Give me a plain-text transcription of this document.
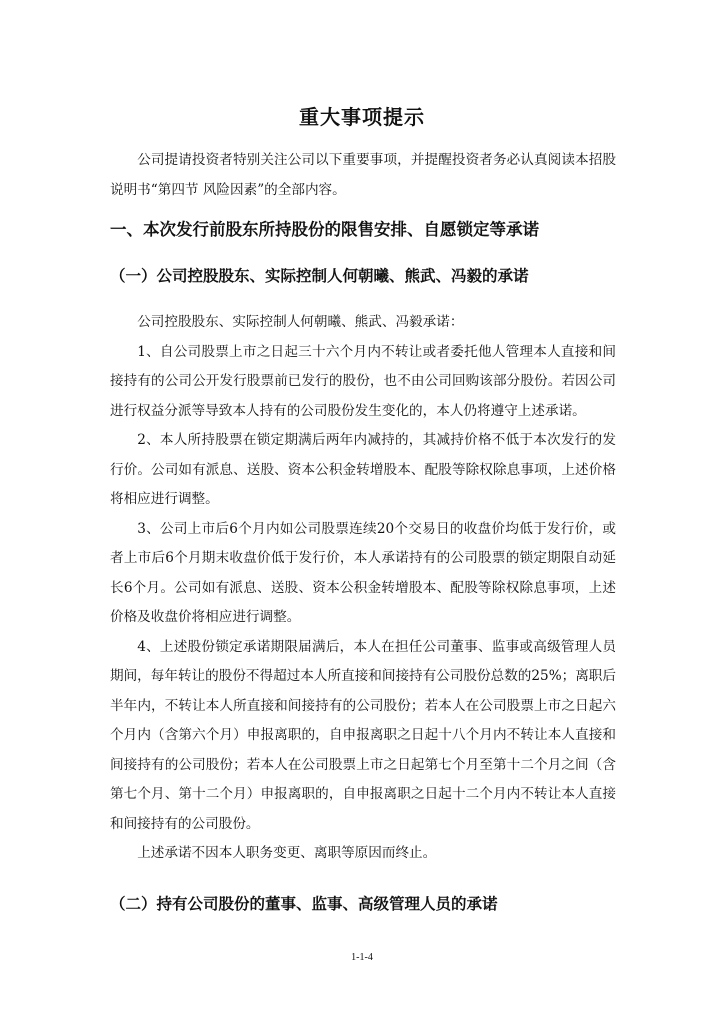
重大事项提示

公司提请投资者特别关注公司以下重要事项，并提醒投资者务必认真阅读本招股说明书“第四节 风险因素”的全部内容。

一、本次发行前股东所持股份的限售安排、自愿锁定等承诺
（一）公司控股股东、实际控制人何朝曦、熊武、冯毅的承诺

公司控股股东、实际控制人何朝曦、熊武、冯毅承诺：

1、自公司股票上市之日起三十六个月内不转让或者委托他人管理本人直接和间接持有的公司公开发行股票前已发行的股份，也不由公司回购该部分股份。若因公司进行权益分派等导致本人持有的公司股份发生变化的，本人仍将遵守上述承诺。

2、本人所持股票在锁定期满后两年内减持的，其减持价格不低于本次发行的发行价。公司如有派息、送股、资本公积金转增股本、配股等除权除息事项，上述价格将相应进行调整。

3、公司上市后6个月内如公司股票连续20个交易日的收盘价均低于发行价，或者上市后6个月期末收盘价低于发行价，本人承诺持有的公司股票的锁定期限自动延长6个月。公司如有派息、送股、资本公积金转增股本、配股等除权除息事项，上述价格及收盘价将相应进行调整。

4、上述股份锁定承诺期限届满后，本人在担任公司董事、监事或高级管理人员期间，每年转让的股份不得超过本人所直接和间接持有公司股份总数的25%；离职后半年内，不转让本人所直接和间接持有的公司股份；若本人在公司股票上市之日起六个月内（含第六个月）申报离职的，自申报离职之日起十八个月内不转让本人直接和间接持有的公司股份；若本人在公司股票上市之日起第七个月至第十二个月之间（含第七个月、第十二个月）申报离职的，自申报离职之日起十二个月内不转让本人直接和间接持有的公司股份。

上述承诺不因本人职务变更、离职等原因而终止。

（二）持有公司股份的董事、监事、高级管理人员的承诺
1-1-4
